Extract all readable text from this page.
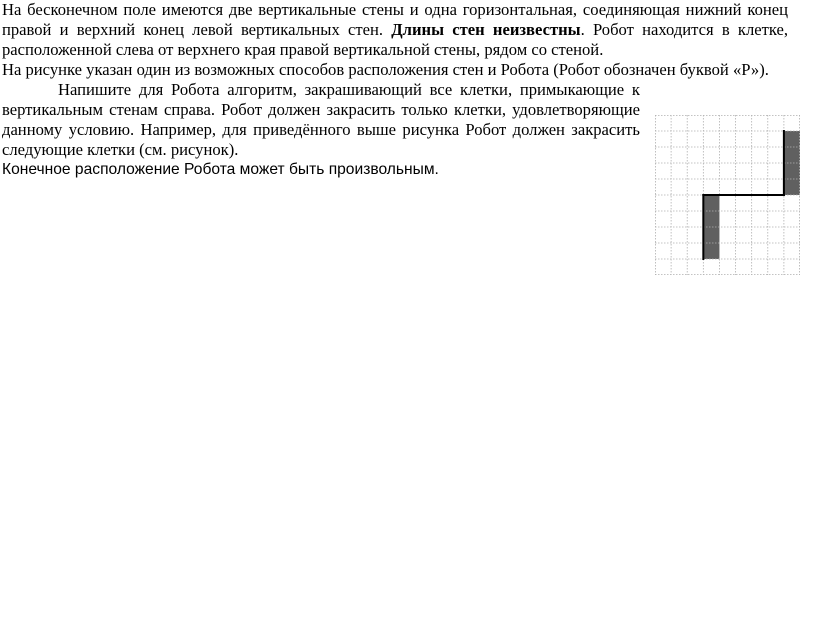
На бесконечном поле имеются две вертикальные стены и одна горизонтальная, соединяющая нижний конец правой и верхний конец левой вертикальных стен. Длины стен неизвестны. Робот находится в клетке, расположенной слева от верхнего края правой вертикальной стены, рядом со стеной.

На рисунке указан один из возможных способов расположения стен и Робота (Робот обозначен буквой «Р»).

Напишите для Робота алгоритм, закрашивающий все клетки, примыкающие к вертикальным стенам справа. Робот должен закрасить только клетки, удовлетворяющие данному условию. Например, для приведённого выше рисунка Робот должен закрасить следующие клетки (см. рисунок).

Конечное расположение Робота может быть произвольным.
